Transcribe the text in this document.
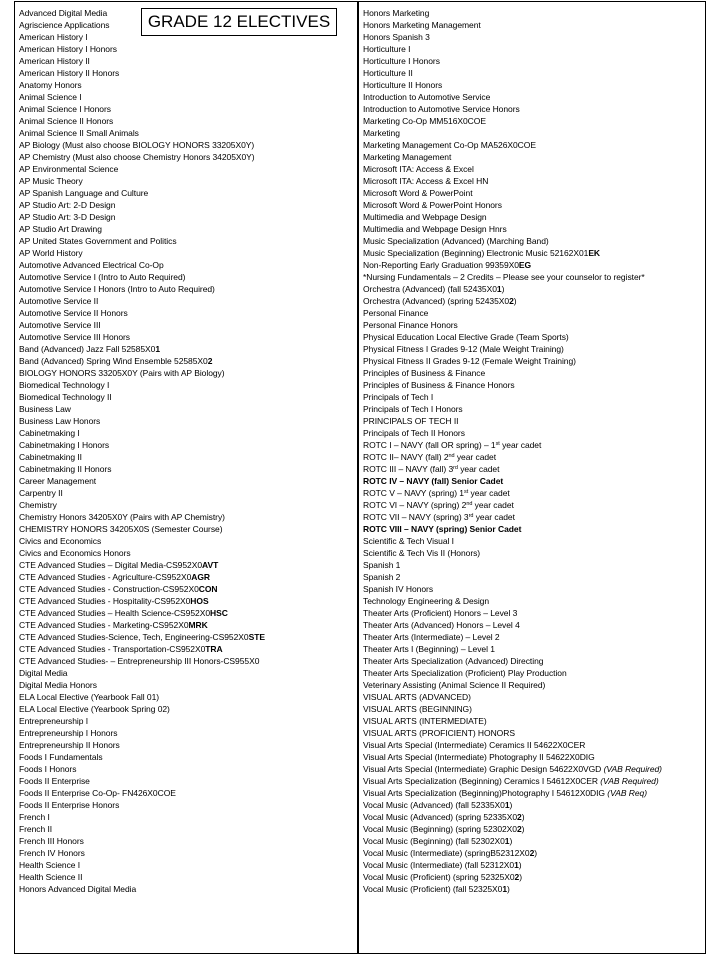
Advanced Digital Media
Agriscience Applications
American History I
American History I Honors
American History II
American History II Honors
Anatomy Honors
Animal Science I
Animal Science I Honors
Animal Science II Honors
Animal Science II Small Animals
AP Biology (Must also choose BIOLOGY HONORS 33205X0Y)
AP Chemistry (Must also choose Chemistry Honors 34205X0Y)
AP Environmental Science
AP Music Theory
AP Spanish Language and Culture
AP Studio Art: 2-D Design
AP Studio Art: 3-D Design
AP Studio Art Drawing
AP United States Government and Politics
AP World History
Automotive Advanced Electrical Co-Op
Automotive Service I (Intro to Auto Required)
Automotive Service I Honors (Intro to Auto Required)
Automotive Service II
Automotive Service II Honors
Automotive Service III
Automotive Service III Honors
Band (Advanced) Jazz Fall 52585X01
Band (Advanced) Spring Wind Ensemble 52585X02
BIOLOGY HONORS 33205X0Y (Pairs with AP Biology)
Biomedical Technology I
Biomedical Technology II
Business Law
Business Law Honors
Cabinetmaking I
Cabinetmaking I Honors
Cabinetmaking II
Cabinetmaking II Honors
Career Management
Carpentry II
Chemistry
Chemistry Honors 34205X0Y (Pairs with AP Chemistry)
CHEMISTRY HONORS 34205X0S (Semester Course)
Civics and Economics
Civics and Economics Honors
CTE Advanced Studies – Digital Media-CS952X0AVT
CTE Advanced Studies - Agriculture-CS952X0AGR
CTE Advanced Studies - Construction-CS952X0CON
CTE Advanced Studies - Hospitality-CS952X0HOS
CTE Advanced Studies – Health Science-CS952X0HSC
CTE Advanced Studies - Marketing-CS952X0MRK
CTE Advanced Studies-Science, Tech, Engineering-CS952X0STE
CTE Advanced Studies - Transportation-CS952X0TRA
CTE Advanced Studies- – Entrepreneurship III Honors-CS955X0
Digital Media
Digital Media Honors
ELA Local Elective (Yearbook Fall 01)
ELA Local Elective (Yearbook Spring 02)
Entrepreneurship I
Entrepreneurship I Honors
Entrepreneurship II Honors
Foods I Fundamentals
Foods I Honors
Foods II Enterprise
Foods II Enterprise Co-Op- FN426X0COE
Foods II Enterprise Honors
French I
French II
French III Honors
French IV Honors
Health Science I
Health Science II
Honors Advanced Digital Media
Honors Marketing
Honors Marketing Management
Honors Spanish 3
Horticulture I
Horticulture I Honors
Horticulture II
Horticulture II Honors
Introduction to Automotive Service
Introduction to Automotive Service Honors
Marketing Co-Op MM516X0COE
Marketing
Marketing Management Co-Op MA526X0COE
Marketing Management
Microsoft ITA: Access & Excel
Microsoft ITA: Access & Excel HN
Microsoft Word & PowerPoint
Microsoft Word & PowerPoint Honors
Multimedia and Webpage Design
Multimedia and Webpage Design Hnrs
Music Specialization (Advanced) (Marching Band)
Music Specialization (Beginning) Electronic Music 52162X01EK
Non-Reporting Early Graduation 99359X0EG
*Nursing Fundamentals – 2 Credits – Please see your counselor to register*
Orchestra (Advanced) (fall 52435X01)
Orchestra (Advanced) (spring 52435X02)
Personal Finance
Personal Finance Honors
Physical Education Local Elective Grade (Team Sports)
Physical Fitness I Grades 9-12 (Male Weight Training)
Physical Fitness II Grades 9-12 (Female Weight Training)
Principles of Business & Finance
Principles of Business & Finance Honors
Principals of Tech I
Principals of Tech I Honors
PRINCIPALS OF TECH II
Principals of Tech II Honors
ROTC I – NAVY (fall OR spring) – 1st year cadet
ROTC II– NAVY (fall) 2nd year cadet
ROTC III – NAVY (fall) 3rd year cadet
ROTC IV – NAVY (fall) Senior Cadet
ROTC V – NAVY (spring) 1st year cadet
ROTC VI – NAVY (spring) 2nd year cadet
ROTC VII – NAVY (spring) 3rd year cadet
ROTC VIII – NAVY (spring) Senior Cadet
Scientific & Tech Visual I
Scientific & Tech Vis II (Honors)
Spanish 1
Spanish 2
Spanish IV Honors
Technology Engineering & Design
Theater Arts (Proficient) Honors – Level 3
Theater Arts (Advanced) Honors – Level 4
Theater Arts (Intermediate) – Level 2
Theater Arts I (Beginning) – Level 1
Theater Arts Specialization (Advanced) Directing
Theater Arts Specialization (Proficient) Play Production
Veterinary Assisting (Animal Science II Required)
VISUAL ARTS (ADVANCED)
VISUAL ARTS (BEGINNING)
VISUAL ARTS (INTERMEDIATE)
VISUAL ARTS (PROFICIENT) HONORS
Visual Arts Special (Intermediate) Ceramics II 54622X0CER
Visual Arts Special (Intermediate) Photography II 54622X0DIG
Visual Arts Special (Intermediate) Graphic Design 54622X0VGD (VAB Required)
Visual Arts Specialization (Beginning) Ceramics I 54612X0CER (VAB Required)
Visual Arts Specialization (Beginning)Photography I 54612X0DIG (VAB Req)
Vocal Music (Advanced) (fall 52335X01)
Vocal Music (Advanced) (spring 52335X02)
Vocal Music (Beginning) (spring 52302X02)
Vocal Music (Beginning) (fall 52302X01)
Vocal Music (Intermediate) (springB52312X02)
Vocal Music (Intermediate) (fall 52312X01)
Vocal Music (Proficient) (spring 52325X02)
Vocal Music (Proficient) (fall 52325X01)
GRADE 12 ELECTIVES
